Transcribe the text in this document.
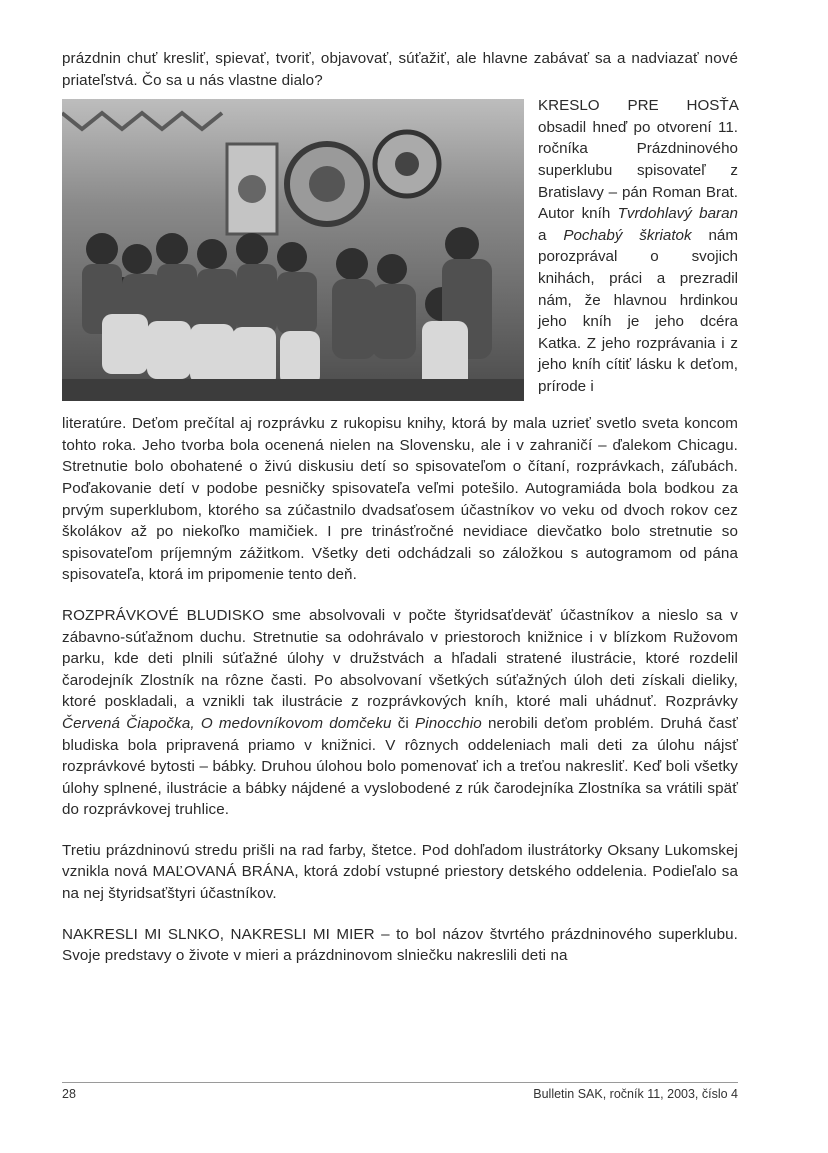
prázdnin chuť kresliť, spievať, tvoriť, objavovať, súťažiť, ale hlavne zabávať sa a nadviazať nové priateľstvá. Čo sa u nás vlastne dialo?

KRESLO PRE HOSŤA obsadil hneď po otvorení 11. ročníka Prázdninového superklubu spisovateľ z Bratislavy – pán Roman Brat. Autor kníh Tvrdohlavý baran a Pochabý škriatok nám porozprával o svojich knihách, práci a prezradil nám, že hlavnou hrdinkou jeho kníh je jeho dcéra Katka. Z jeho rozprávania i z jeho kníh cítiť lásku k deťom, prírode i

literatúre. Deťom prečítal aj rozprávku z rukopisu knihy, ktorá by mala uzrieť svetlo sveta koncom tohto roka. Jeho tvorba bola ocenená nielen na Slovensku, ale i v zahraničí – ďalekom Chicagu. Stretnutie bolo obohatené o živú diskusiu detí so spisovateľom o čítaní, rozprávkach, záľubách. Poďakovanie detí v podobe pesničky spisovateľa veľmi potešilo. Autogramiáda bola bodkou za prvým superklubom, ktorého sa zúčastnilo dvadsaťosem účastníkov vo veku od dvoch rokov cez školákov až po niekoľko mamičiek. I pre trinásťročné nevidiace dievčatko bolo stretnutie so spisovateľom príjemným zážitkom. Všetky deti odchádzali so záložkou s autogramom od pána spisovateľa, ktorá im pripomenie tento deň.

ROZPRÁVKOVÉ BLUDISKO sme absolvovali v počte štyridsaťdeväť účastníkov a nieslo sa v zábavno-súťažnom duchu. Stretnutie sa odohrávalo v priestoroch knižnice i v blízkom Ružovom parku, kde deti plnili súťažné úlohy v družstvách a hľadali stratené ilustrácie, ktoré rozdelil čarodejník Zlostník na rôzne časti. Po absolvovaní všetkých súťažných úloh deti získali dieliky, ktoré poskladali, a vznikli tak ilustrácie z rozprávkových kníh, ktoré mali uhádnuť. Rozprávky Červená Čiapočka, O medovníkovom domčeku či Pinocchio nerobili deťom problém. Druhá časť bludiska bola pripravená priamo v knižnici. V rôznych oddeleniach mali deti za úlohu nájsť rozprávkové bytosti – bábky. Druhou úlohou bolo pomenovať ich a treťou nakresliť. Keď boli všetky úlohy splnené, ilustrácie a bábky nájdené a vyslobodené z rúk čarodejníka Zlostníka sa vrátili späť do rozprávkovej truhlice.

Tretiu prázdninovú stredu prišli na rad farby, štetce. Pod dohľadom ilustrátorky Oksany Lukomskej vznikla nová MAĽOVANÁ BRÁNA, ktorá zdobí vstupné priestory detského oddelenia. Podieľalo sa na nej štyridsaťštyri účastníkov.

NAKRESLI MI SLNKO, NAKRESLI MI MIER – to bol názov štvrtého prázdninového superklubu. Svoje predstavy o živote v mieri a prázdninovom slniečku nakreslili deti na

28	Bulletin SAK, ročník 11, 2003, číslo 4
